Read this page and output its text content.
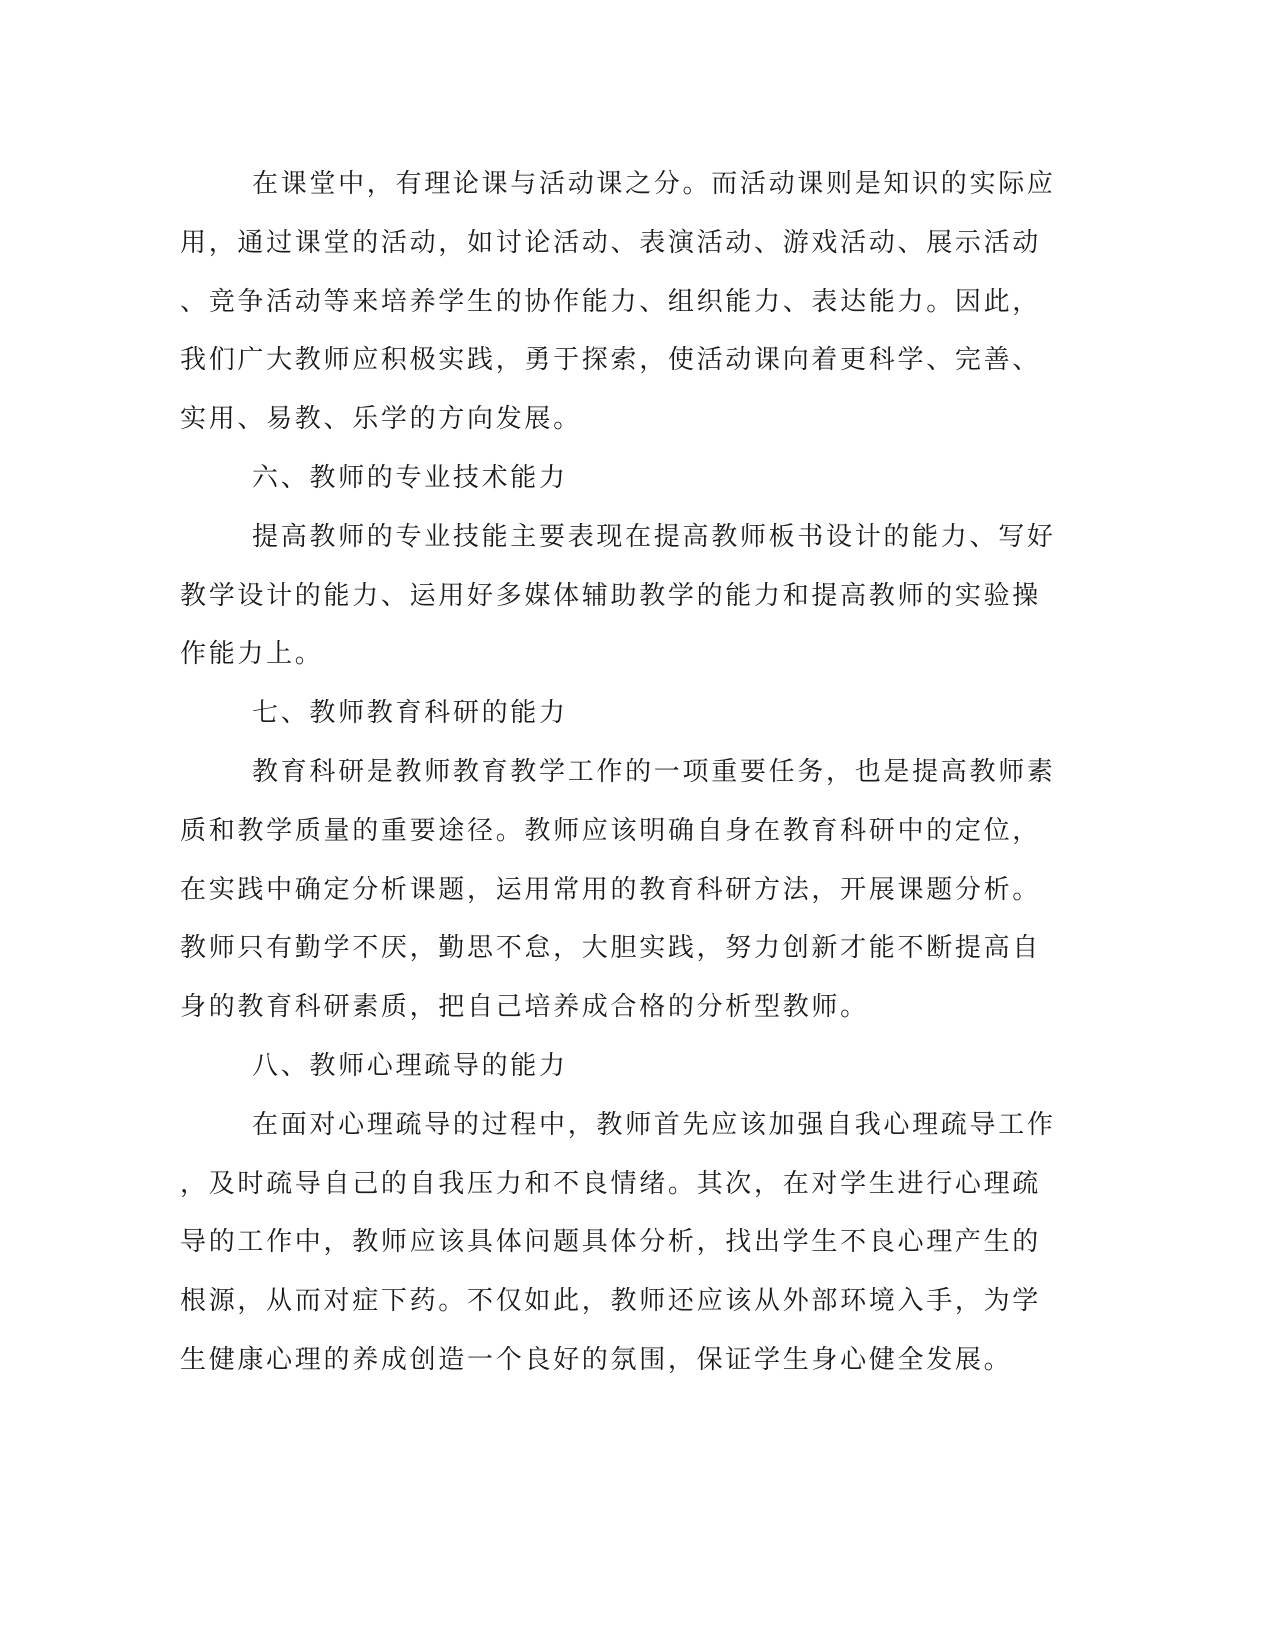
在课堂中，有理论课与活动课之分。而活动课则是知识的实际应
用，通过课堂的活动，如讨论活动、表演活动、游戏活动、展示活动
、竞争活动等来培养学生的协作能力、组织能力、表达能力。因此，
我们广大教师应积极实践，勇于探索，使活动课向着更科学、完善、
实用、易教、乐学的方向发展。
六、教师的专业技术能力
提高教师的专业技能主要表现在提高教师板书设计的能力、写好
教学设计的能力、运用好多媒体辅助教学的能力和提高教师的实验操
作能力上。
七、教师教育科研的能力
教育科研是教师教育教学工作的一项重要任务，也是提高教师素
质和教学质量的重要途径。教师应该明确自身在教育科研中的定位，
在实践中确定分析课题，运用常用的教育科研方法，开展课题分析。
教师只有勤学不厌，勤思不怠，大胆实践，努力创新才能不断提高自
身的教育科研素质，把自己培养成合格的分析型教师。
八、教师心理疏导的能力
在面对心理疏导的过程中，教师首先应该加强自我心理疏导工作
，及时疏导自己的自我压力和不良情绪。其次，在对学生进行心理疏
导的工作中，教师应该具体问题具体分析，找出学生不良心理产生的
根源，从而对症下药。不仅如此，教师还应该从外部环境入手，为学
生健康心理的养成创造一个良好的氛围，保证学生身心健全发展。
